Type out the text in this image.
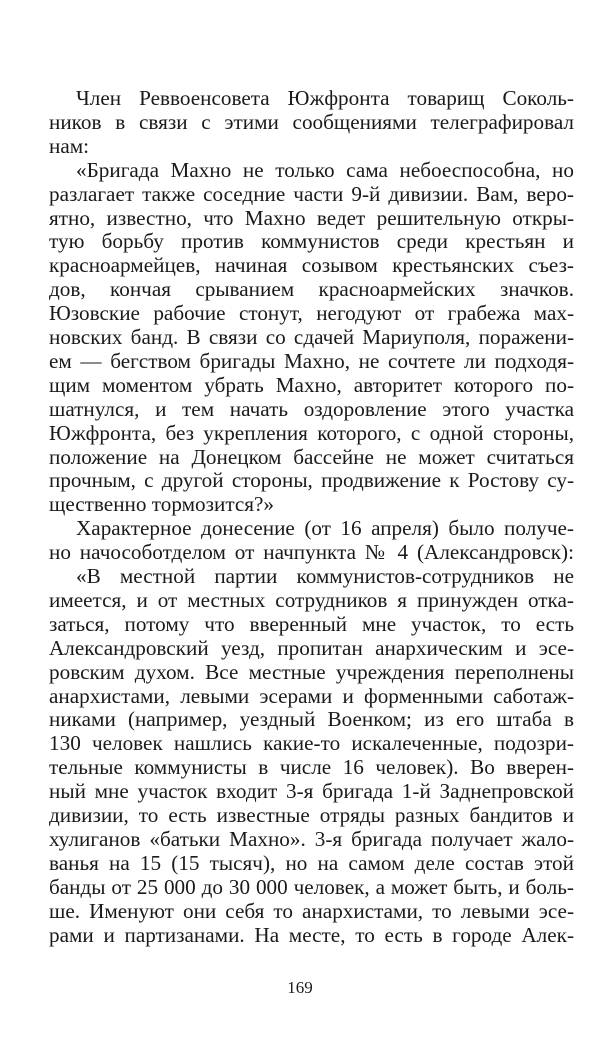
Член Реввоенсовета Южфронта товарищ Соколь-
ников в связи с этими сообщениями телеграфировал
нам:
«Бригада Махно не только сама небоеспособна, но
разлагает также соседние части 9-й дивизии. Вам, веро-
ятно, известно, что Махно ведет решительную откры-
тую борьбу против коммунистов среди крестьян и
красноармейцев, начиная созывом крестьянских съез-
дов, кончая срыванием красноармейских значков.
Юзовские рабочие стонут, негодуют от грабежа мах-
новских банд. В связи со сдачей Мариуполя, поражени-
ем — бегством бригады Махно, не сочтете ли подходя-
щим моментом убрать Махно, авторитет которого по-
шатнулся, и тем начать оздоровление этого участка
Южфронта, без укрепления которого, с одной стороны,
положение на Донецком бассейне не может считаться
прочным, с другой стороны, продвижение к Ростову су-
щественно тормозится?»
Характерное донесение (от 16 апреля) было получе-
но начособотделом от начпункта № 4 (Александровск):
«В местной партии коммунистов-сотрудников не
имеется, и от местных сотрудников я принужден отка-
заться, потому что вверенный мне участок, то есть
Александровский уезд, пропитан анархическим и эсе-
ровским духом. Все местные учреждения переполнены
анархистами, левыми эсерами и форменными саботаж-
никами (например, уездный Военком; из его штаба в
130 человек нашлись какие-то искалеченные, подозри-
тельные коммунисты в числе 16 человек). Во вверен-
ный мне участок входит 3-я бригада 1-й Заднепровской
дивизии, то есть известные отряды разных бандитов и
хулиганов «батьки Махно». 3-я бригада получает жало-
ванья на 15 (15 тысяч), но на самом деле состав этой
банды от 25 000 до 30 000 человек, а может быть, и боль-
ше. Именуют они себя то анархистами, то левыми эсе-
рами и партизанами. На месте, то есть в городе Алек-
169
